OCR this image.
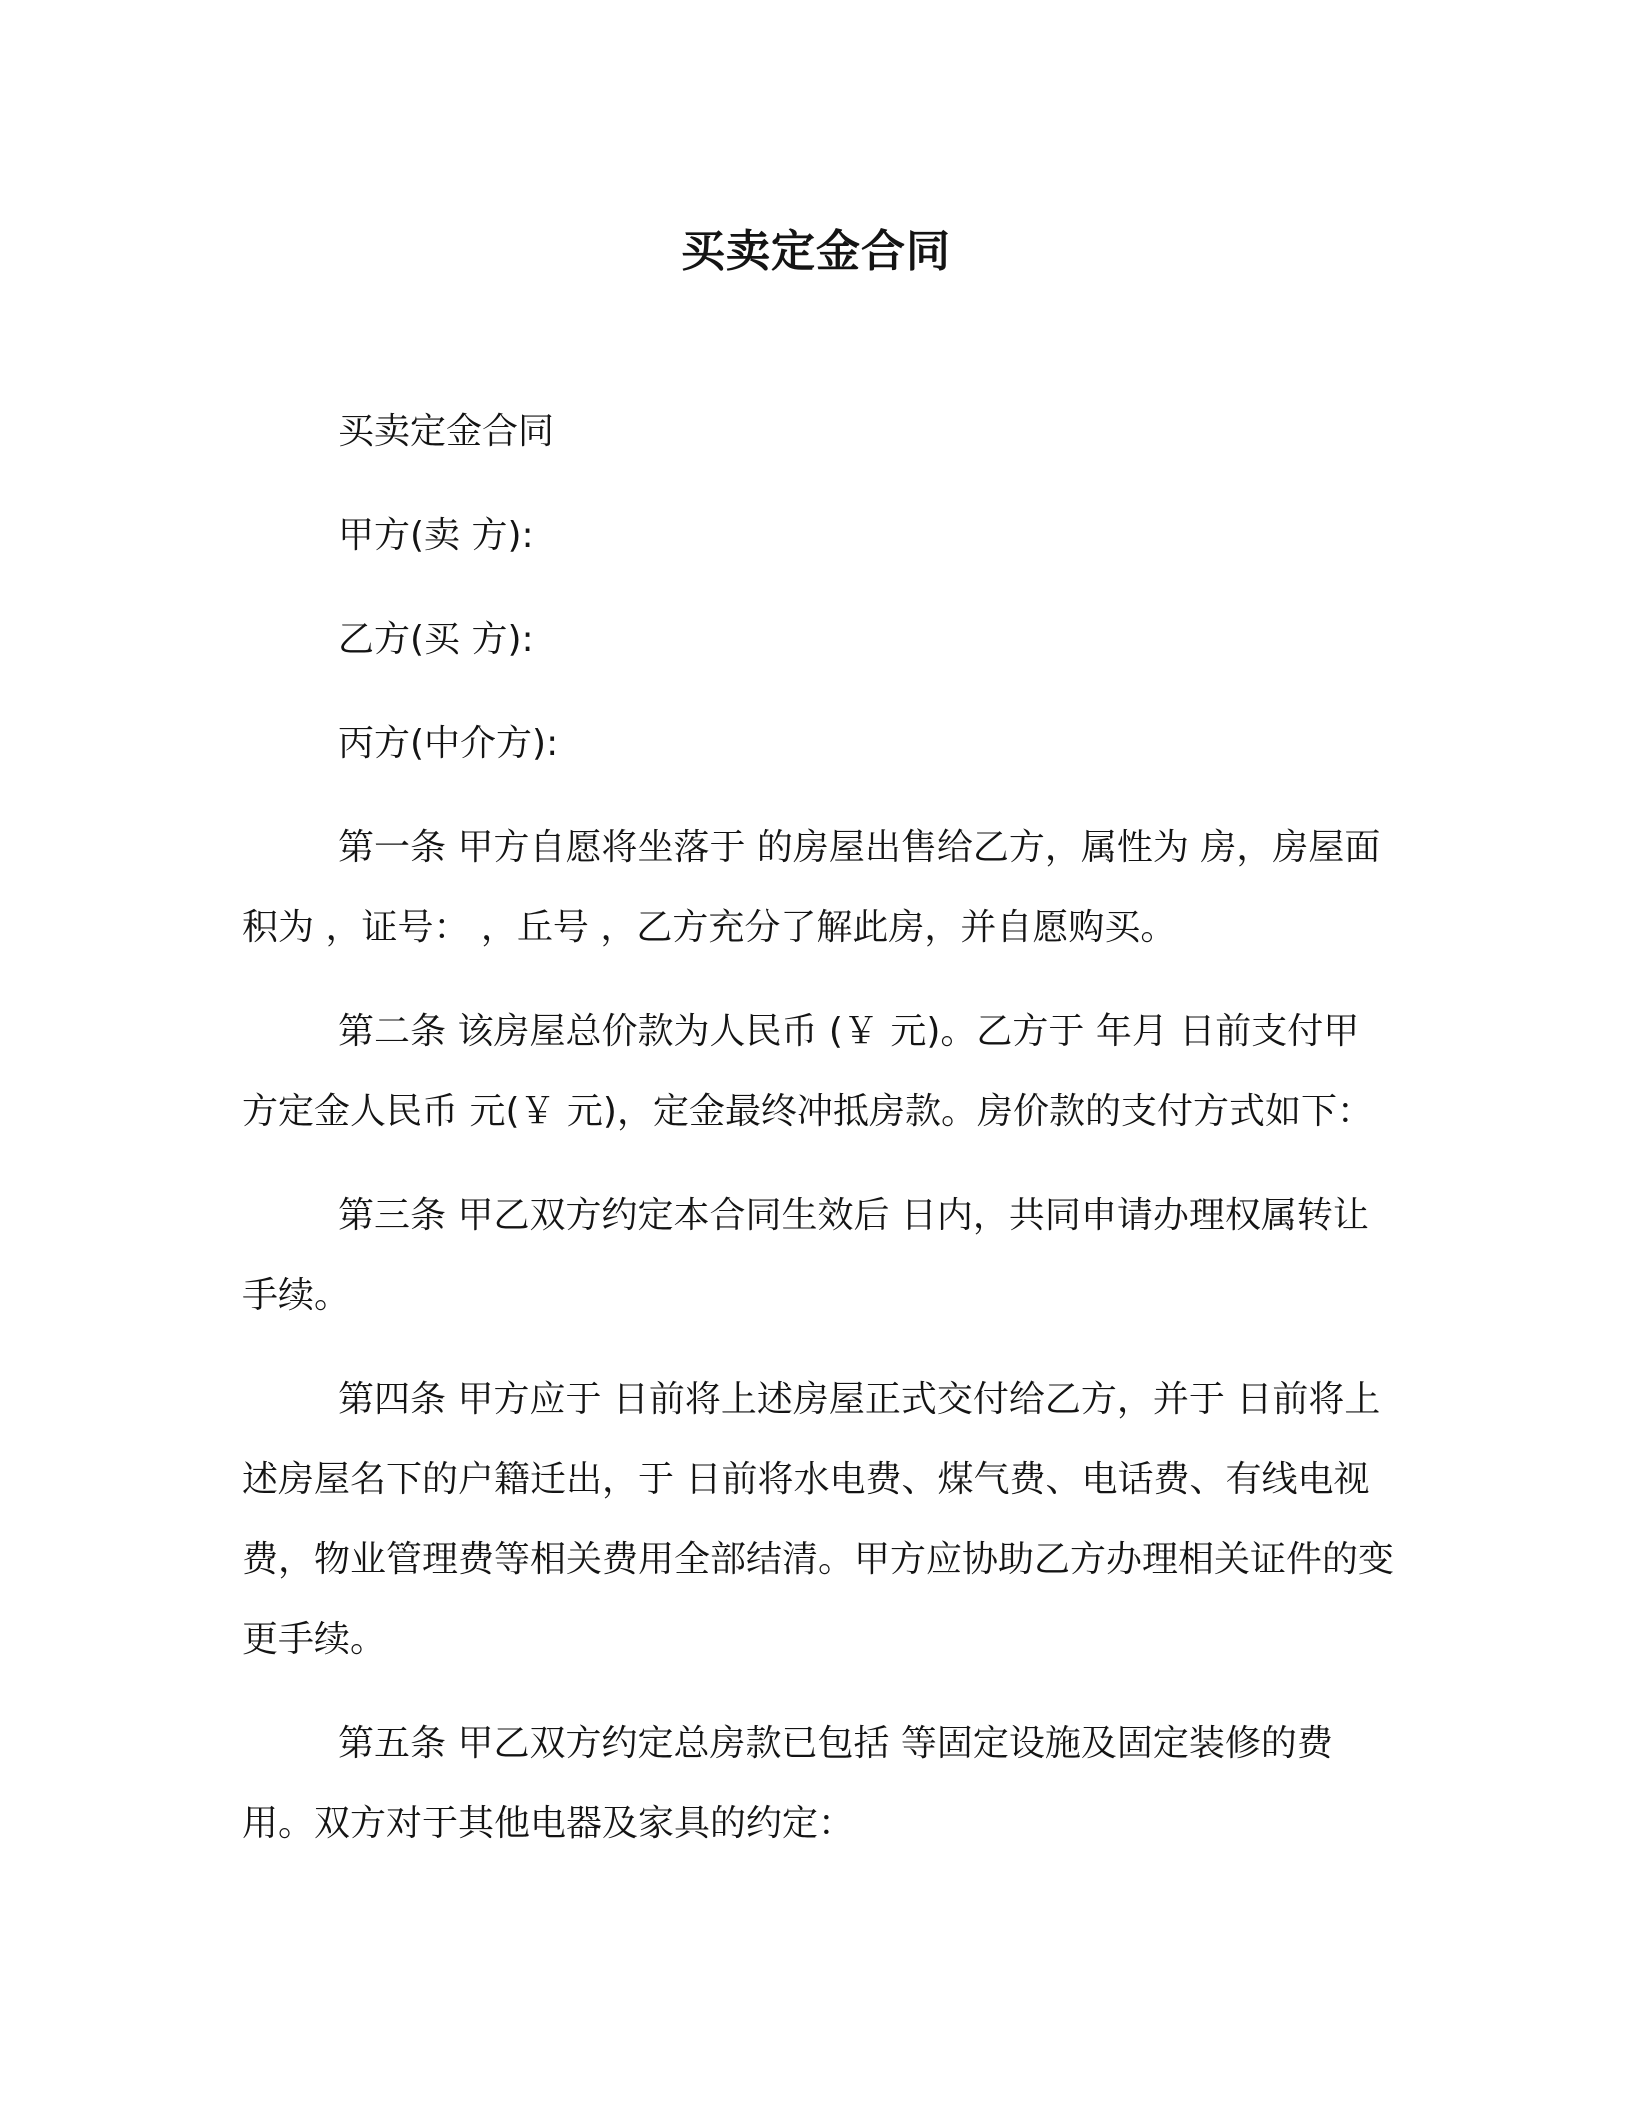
买卖定金合同
买卖定金合同
甲方(卖 方):
乙方(买 方):
丙方(中介方):

第一条 甲方自愿将坐落于 的房屋出售给乙方，属性为 房，房屋面积为 ，证号： ，丘号 ，乙方充分了解此房，并自愿购买。

第二条 该房屋总价款为人民币 (￥ 元)。乙方于 年月 日前支付甲方定金人民币 元(￥ 元)，定金最终冲抵房款。房价款的支付方式如下：

第三条 甲乙双方约定本合同生效后 日内，共同申请办理权属转让手续。

第四条 甲方应于 日前将上述房屋正式交付给乙方，并于 日前将上述房屋名下的户籍迁出，于 日前将水电费、煤气费、电话费、有线电视费，物业管理费等相关费用全部结清。甲方应协助乙方办理相关证件的变更手续。

第五条 甲乙双方约定总房款已包括 等固定设施及固定装修的费用。双方对于其他电器及家具的约定：
